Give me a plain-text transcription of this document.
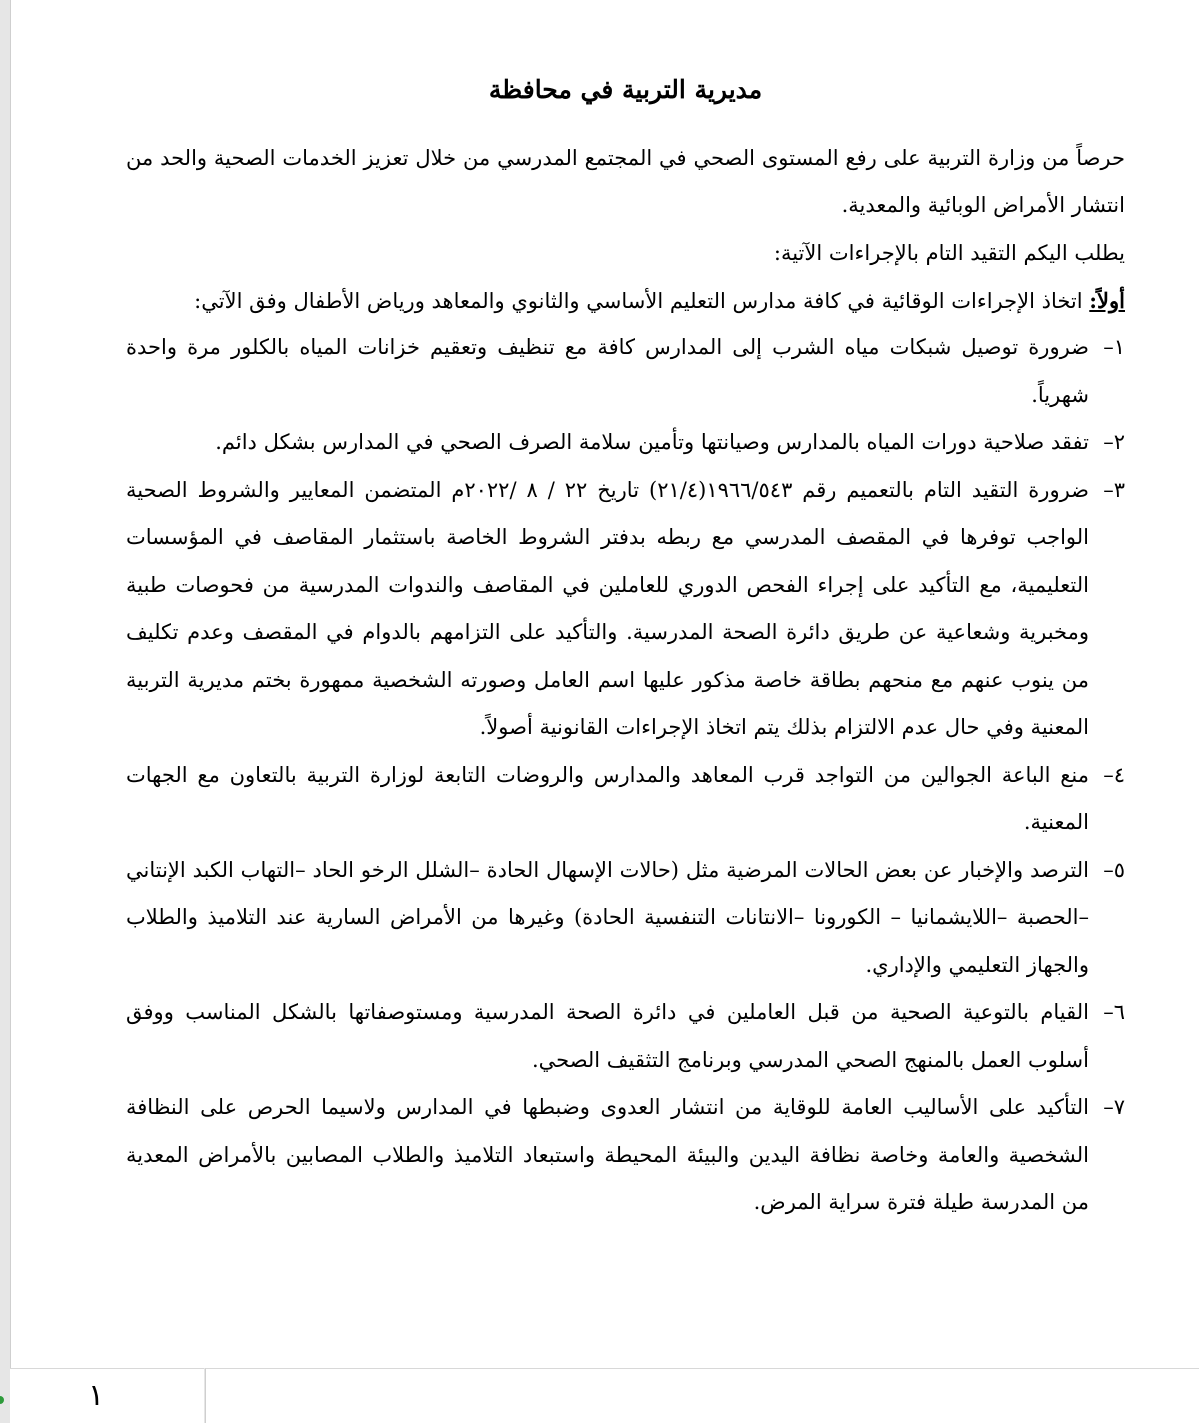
مديرية التربية في محافظة
حرصاً من وزارة التربية على رفع المستوى الصحي في المجتمع المدرسي من خلال تعزيز الخدمات الصحية والحد من انتشار الأمراض الوبائية والمعدية.
يطلب اليكم التقيد التام بالإجراءات الآتية:
أولاً: اتخاذ الإجراءات الوقائية في كافة مدارس التعليم الأساسي والثانوي والمعاهد ورياض الأطفال وفق الآتي:
١–
ضرورة توصيل شبكات مياه الشرب إلى المدارس كافة مع تنظيف وتعقيم خزانات المياه بالكلور مرة واحدة شهرياً.
٢–
تفقد صلاحية دورات المياه بالمدارس وصيانتها وتأمين سلامة الصرف الصحي في المدارس بشكل دائم.
٣–
ضرورة التقيد التام بالتعميم رقم ١٩٦٦/٥٤٣(٢١/٤) تاريخ ٢٢ / ٨ /٢٠٢٢م المتضمن المعايير والشروط الصحية الواجب توفرها في المقصف المدرسي مع ربطه بدفتر الشروط الخاصة باستثمار المقاصف في المؤسسات التعليمية، مع التأكيد على إجراء الفحص الدوري للعاملين في المقاصف والندوات المدرسية من فحوصات طبية ومخبرية وشعاعية عن طريق دائرة الصحة المدرسية. والتأكيد على التزامهم بالدوام في المقصف وعدم تكليف من ينوب عنهم مع منحهم بطاقة خاصة مذكور عليها اسم العامل وصورته الشخصية ممهورة بختم مديرية التربية المعنية وفي حال عدم الالتزام بذلك يتم اتخاذ الإجراءات القانونية أصولاً.
٤–
منع الباعة الجوالين من التواجد قرب المعاهد والمدارس والروضات التابعة لوزارة التربية بالتعاون مع الجهات المعنية.
٥–
الترصد والإخبار عن بعض الحالات المرضية مثل (حالات الإسهال الحادة –الشلل الرخو الحاد –التهاب الكبد الإنتاني –الحصبة –اللايشمانيا – الكورونا –الانتانات التنفسية الحادة) وغيرها من الأمراض السارية عند التلاميذ والطلاب والجهاز التعليمي والإداري.
٦–
القيام بالتوعية الصحية من قبل العاملين في دائرة الصحة المدرسية ومستوصفاتها بالشكل المناسب ووفق أسلوب العمل بالمنهج الصحي المدرسي وبرنامج التثقيف الصحي.
٧–
التأكيد على الأساليب العامة للوقاية من انتشار العدوى وضبطها في المدارس ولاسيما الحرص على النظافة الشخصية والعامة وخاصة نظافة اليدين والبيئة المحيطة واستبعاد التلاميذ والطلاب المصابين بالأمراض المعدية من المدرسة طيلة فترة سراية المرض.
١
